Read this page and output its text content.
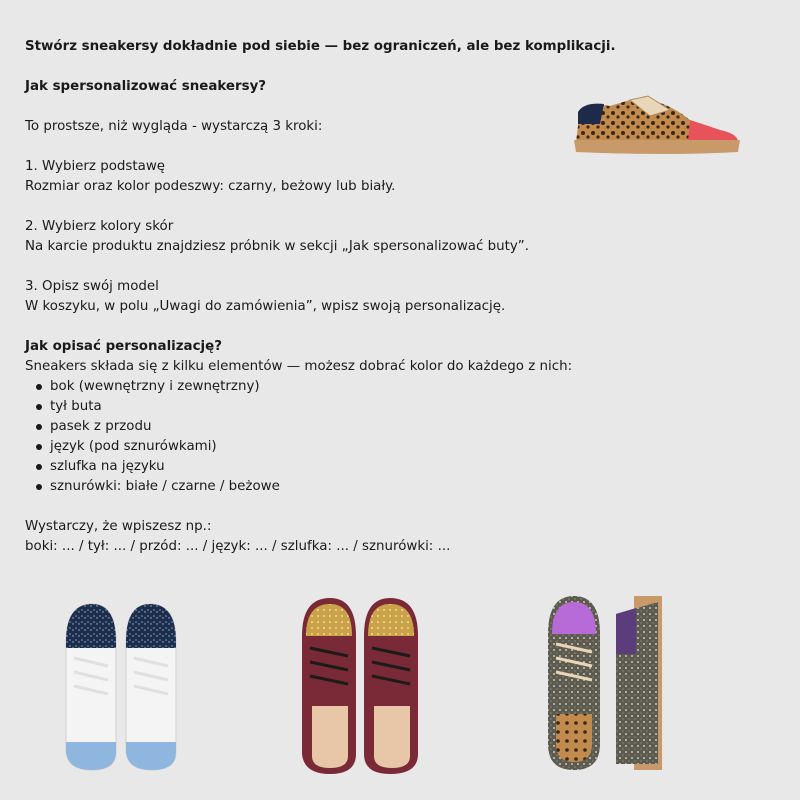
Stwórz sneakersy dokładnie pod siebie — bez ograniczeń, ale bez komplikacji.

Jak spersonalizować sneakersy?

To prostsze, niż wygląda - wystarczą 3 kroki:

1. Wybierz podstawę

Rozmiar oraz kolor podeszwy: czarny, beżowy lub biały.

2. Wybierz kolory skór

Na karcie produktu znajdziesz próbnik w sekcji „Jak spersonalizować buty”.

3. Opisz swój model

W koszyku, w polu „Uwagi do zamówienia”, wpisz swoją personalizację.

Jak opisać personalizację?

Sneakers składa się z kilku elementów — możesz dobrać kolor do każdego z nich:

bok (wewnętrzny i zewnętrzny)
tył buta
pasek z przodu
język (pod sznurówkami)
szlufka na języku
sznurówki: białe / czarne / beżowe

Wystarczy, że wpiszesz np.:

boki: ... / tył: ... / przód: ... / język: ... / szlufka: ... / sznurówki: ...
